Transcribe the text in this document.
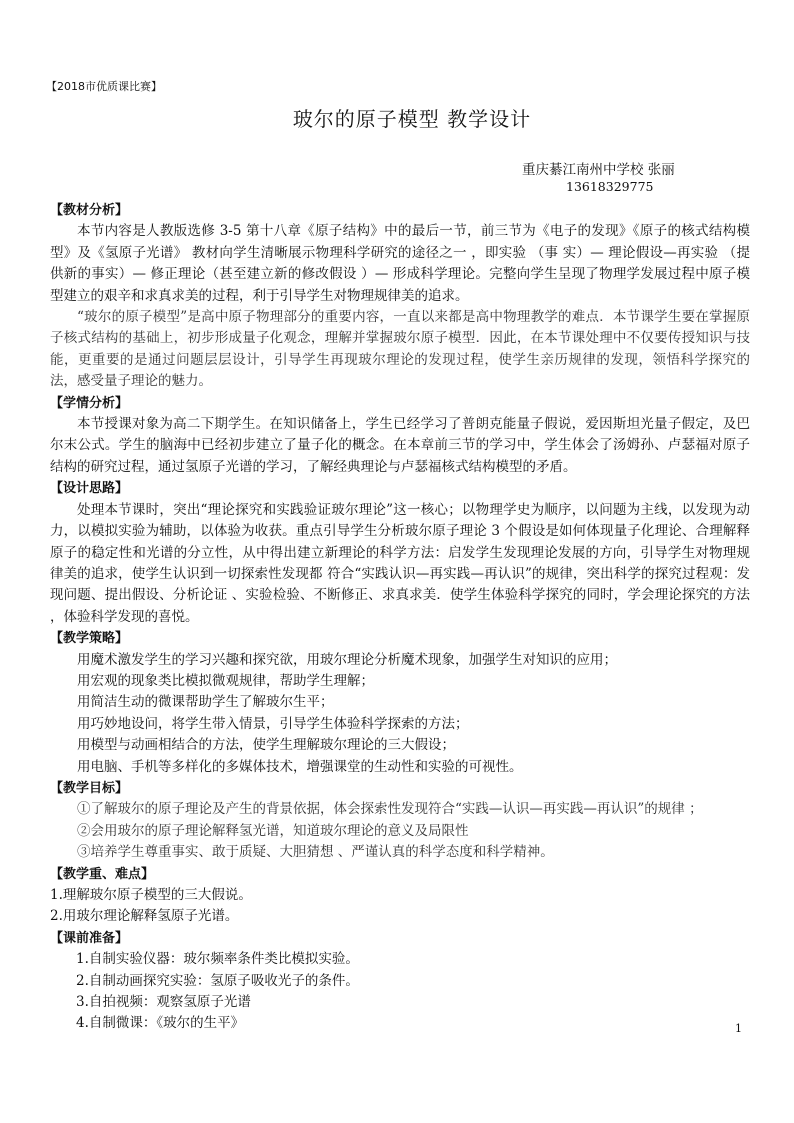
【2018市优质课比赛】
玻尔的原子模型 教学设计
重庆綦江南州中学校 张丽
13618329775

【教材分析】

本节内容是人教版选修 3-5 第十八章《原子结构》中的最后一节，前三节为《电子的发现》《原子的核式结构模型》及《氢原子光谱》 教材向学生清晰展示物理科学研究的途径之一 ，即实验 （事 实）— 理论假设—再实验 （提供新的事实）— 修正理论（甚至建立新的修改假设 ）— 形成科学理论。完整向学生呈现了物理学发展过程中原子模型建立的艰辛和求真求美的过程，利于引导学生对物理规律美的追求。

“玻尔的原子模型”是高中原子物理部分的重要内容，一直以来都是高中物理教学的难点．本节课学生要在掌握原子核式结构的基础上，初步形成量子化观念，理解并掌握玻尔原子模型．因此，在本节课处理中不仅要传授知识与技能，更重要的是通过问题层层设计，引导学生再现玻尔理论的发现过程，使学生亲历规律的发现，领悟科学探究的法，感受量子理论的魅力。

【学情分析】

本节授课对象为高二下期学生。在知识储备上，学生已经学习了普朗克能量子假说，爱因斯坦光量子假定，及巴尔末公式。学生的脑海中已经初步建立了量子化的概念。在本章前三节的学习中，学生体会了汤姆孙、卢瑟福对原子结构的研究过程，通过氢原子光谱的学习，了解经典理论与卢瑟福核式结构模型的矛盾。

【设计思路】

处理本节课时，突出“理论探究和实践验证玻尔理论”这一核心；以物理学史为顺序，以问题为主线，以发现为动力，以模拟实验为辅助，以体验为收获。重点引导学生分析玻尔原子理论 3 个假设是如何体现量子化理论、合理解释原子的稳定性和光谱的分立性，从中得出建立新理论的科学方法：启发学生发现理论发展的方向，引导学生对物理规律美的追求，使学生认识到一切探索性发现都 符合“实践认识—再实践—再认识”的规律，突出科学的探究过程观：发现问题、提出假设、分析论证 、实验检验、不断修正、求真求美．使学生体验科学探究的同时，学会理论探究的方法 ，体验科学发现的喜悦。

【教学策略】

用魔术激发学生的学习兴趣和探究欲，用玻尔理论分析魔术现象，加强学生对知识的应用；

用宏观的现象类比模拟微观规律，帮助学生理解；

用简洁生动的微课帮助学生了解玻尔生平；

用巧妙地设问，将学生带入情景，引导学生体验科学探索的方法；

用模型与动画相结合的方法，使学生理解玻尔理论的三大假设；

用电脑、手机等多样化的多媒体技术，增强课堂的生动性和实验的可视性。

【教学目标】

①了解玻尔的原子理论及产生的背景依据，体会探索性发现符合“实践—认识—再实践—再认识”的规律 ；

②会用玻尔的原子理论解释氢光谱，知道玻尔理论的意义及局限性

③培养学生尊重事实、敢于质疑、大胆猜想 、严谨认真的科学态度和科学精神。

【教学重、难点】

1.理解玻尔原子模型的三大假说。

2.用玻尔理论解释氢原子光谱。

【课前准备】

1.自制实验仪器：玻尔频率条件类比模拟实验。

2.自制动画探究实验：氢原子吸收光子的条件。

3.自拍视频：观察氢原子光谱

4.自制微课：《玻尔的生平》	1
